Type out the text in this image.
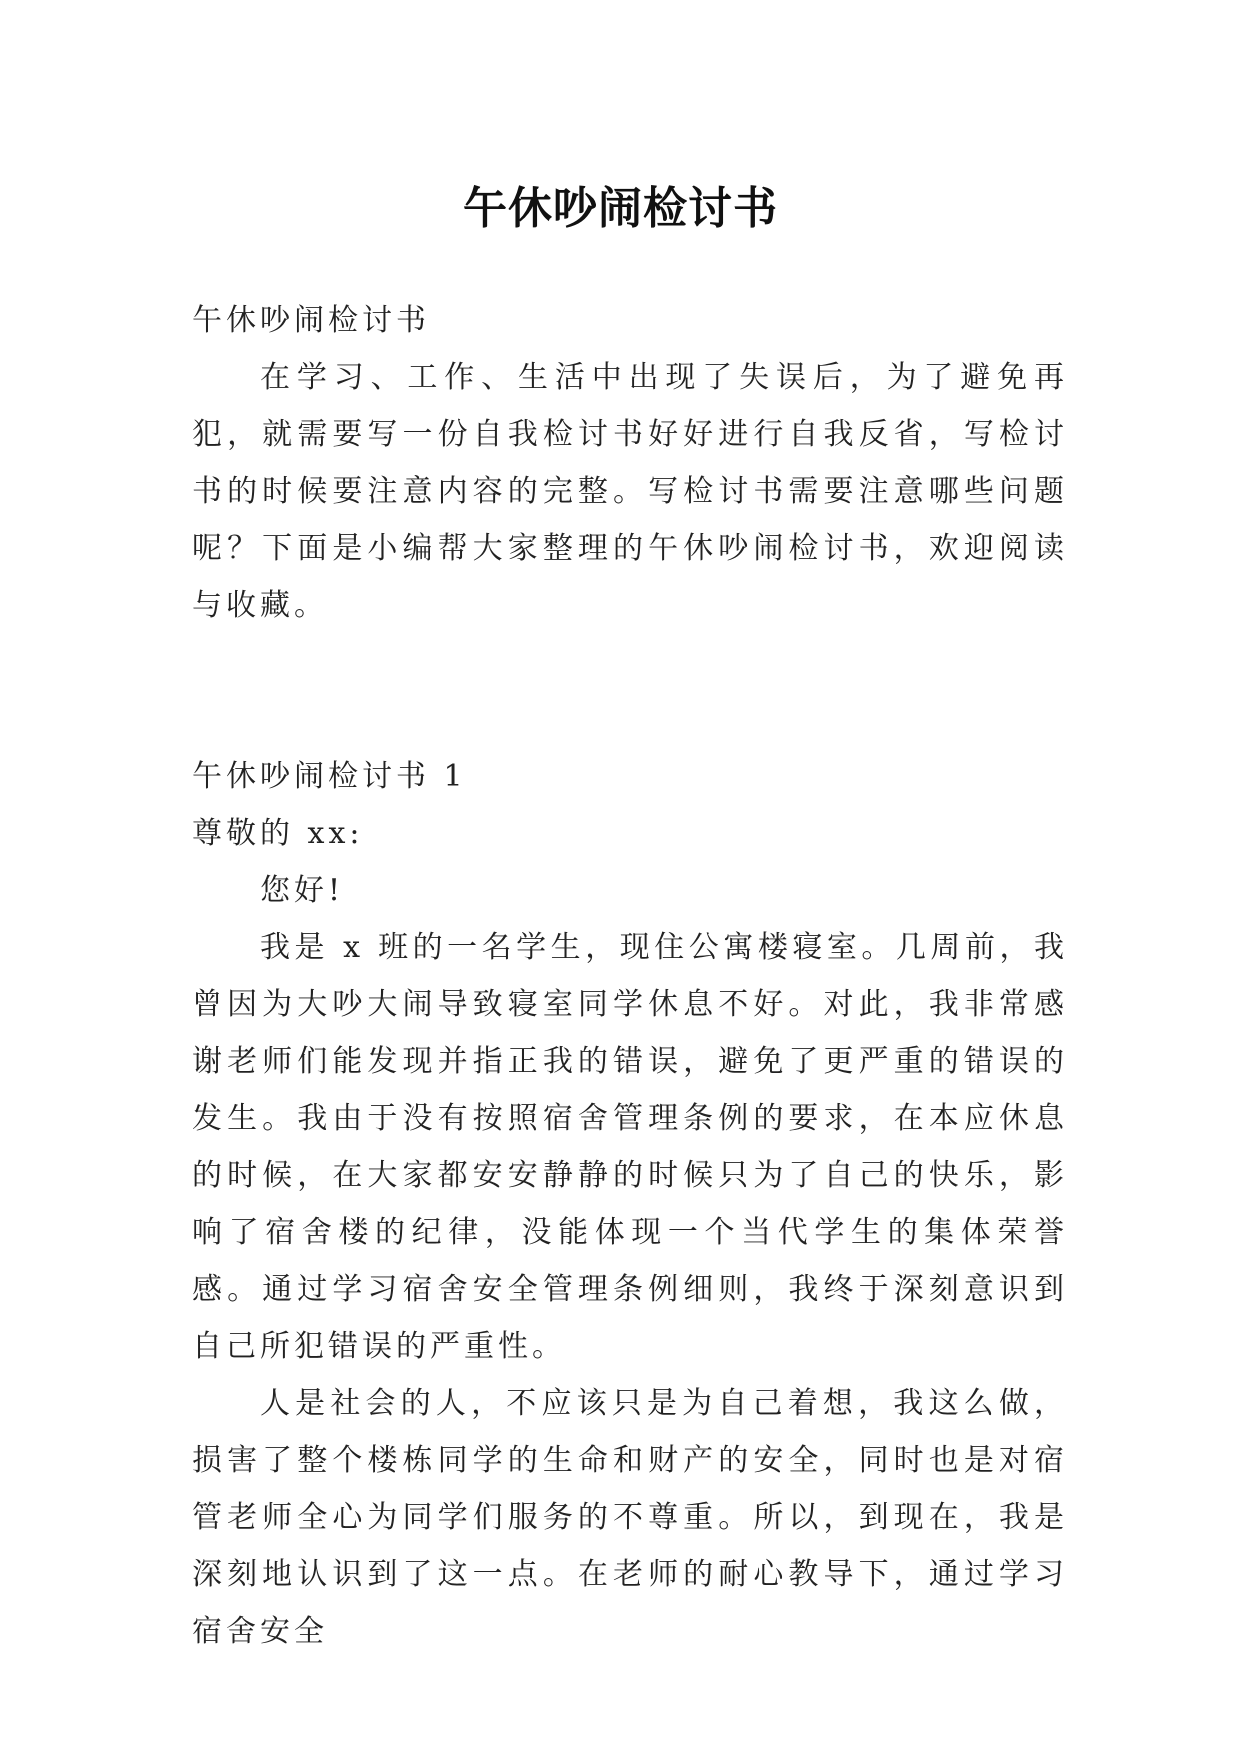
午休吵闹检讨书

午休吵闹检讨书

在学习、工作、生活中出现了失误后，为了避免再犯，就需要写一份自我检讨书好好进行自我反省，写检讨书的时候要注意内容的完整。写检讨书需要注意哪些问题呢？下面是小编帮大家整理的午休吵闹检讨书，欢迎阅读与收藏。

午休吵闹检讨书 1

尊敬的 xx:

您好!

我是 x 班的一名学生，现住公寓楼寝室。几周前，我曾因为大吵大闹导致寝室同学休息不好。对此，我非常感谢老师们能发现并指正我的错误，避免了更严重的错误的发生。我由于没有按照宿舍管理条例的要求，在本应休息的时候，在大家都安安静静的时候只为了自己的快乐，影响了宿舍楼的纪律，没能体现一个当代学生的集体荣誉感。通过学习宿舍安全管理条例细则，我终于深刻意识到自己所犯错误的严重性。

人是社会的人，不应该只是为自己着想，我这么做，损害了整个楼栋同学的生命和财产的安全，同时也是对宿管老师全心为同学们服务的不尊重。所以，到现在，我是深刻地认识到了这一点。在老师的耐心教导下，通过学习宿舍安全
